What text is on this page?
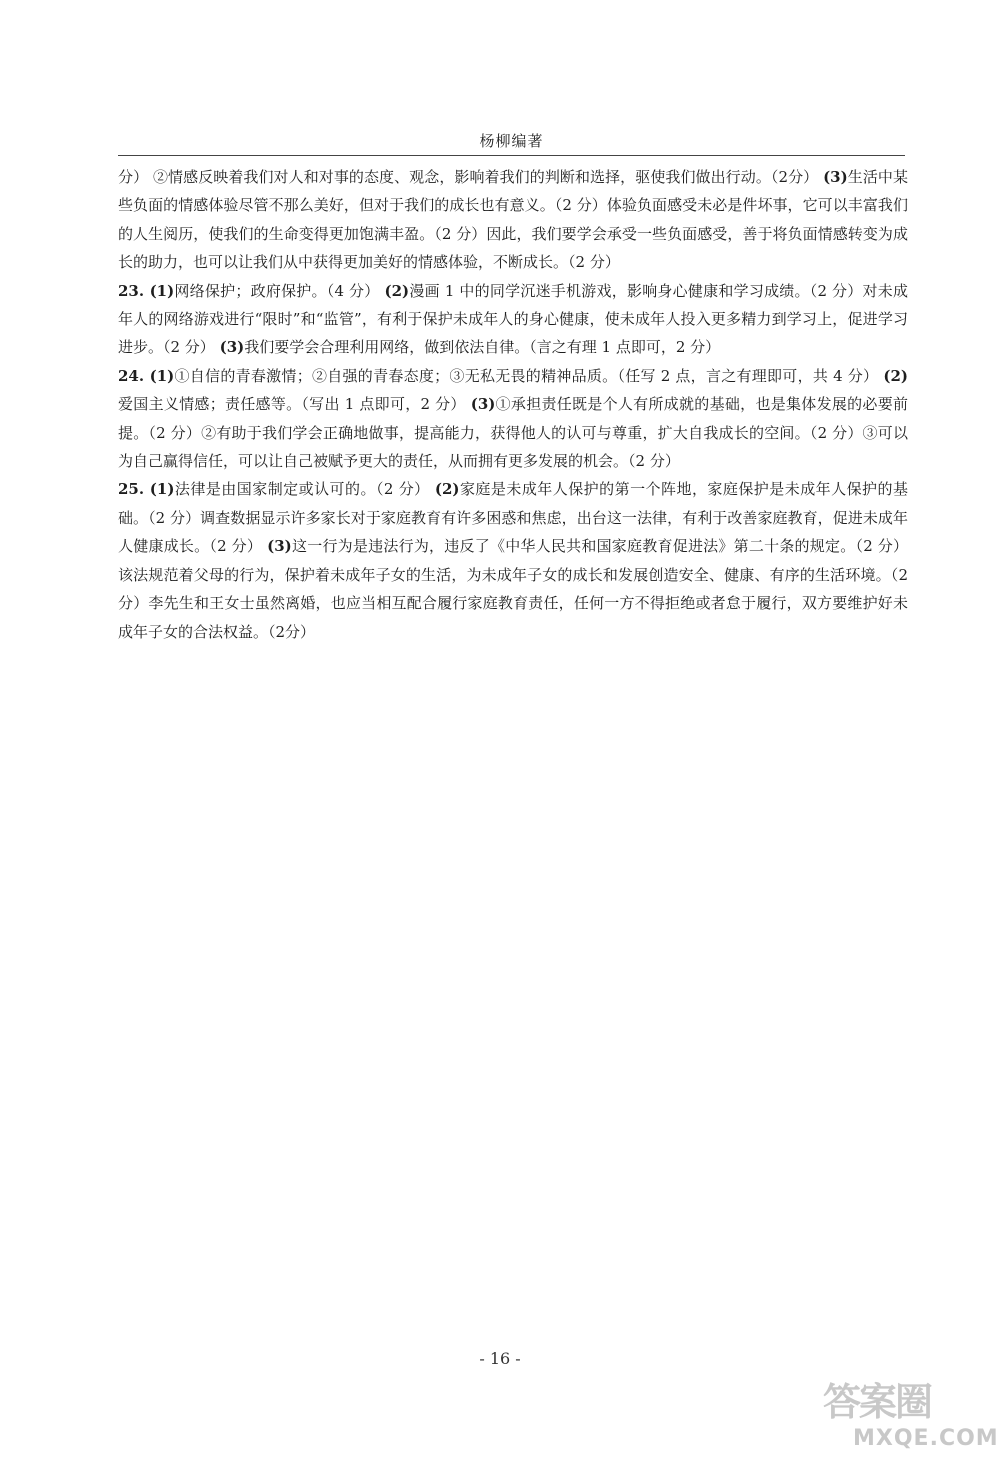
杨柳编著

分） ②情感反映着我们对人和对事的态度、观念，影响着我们的判断和选择，驱使我们做出行动。（2分） (3)生活中某些负面的情感体验尽管不那么美好，但对于我们的成长也有意义。（2 分）体验负面感受未必是件坏事，它可以丰富我们的人生阅历，使我们的生命变得更加饱满丰盈。（2 分）因此，我们要学会承受一些负面感受，善于将负面情感转变为成长的助力，也可以让我们从中获得更加美好的情感体验，不断成长。（2 分）

23. (1)网络保护；政府保护。（4 分） (2)漫画 1 中的同学沉迷手机游戏，影响身心健康和学习成绩。（2 分）对未成年人的网络游戏进行“限时”和“监管”，有利于保护未成年人的身心健康，使未成年人投入更多精力到学习上，促进学习进步。（2 分） (3)我们要学会合理利用网络，做到依法自律。（言之有理 1 点即可，2 分）

24. (1)①自信的青春激情；②自强的青春态度；③无私无畏的精神品质。（任写 2 点，言之有理即可，共 4 分） (2)爱国主义情感；责任感等。（写出 1 点即可，2 分） (3)①承担责任既是个人有所成就的基础，也是集体发展的必要前提。（2 分）②有助于我们学会正确地做事，提高能力，获得他人的认可与尊重，扩大自我成长的空间。（2 分）③可以为自己赢得信任，可以让自己被赋予更大的责任，从而拥有更多发展的机会。（2 分）

25. (1)法律是由国家制定或认可的。（2 分） (2)家庭是未成年人保护的第一个阵地，家庭保护是未成年人保护的基础。（2 分）调查数据显示许多家长对于家庭教育有许多困惑和焦虑，出台这一法律，有利于改善家庭教育，促进未成年人健康成长。（2 分） (3)这一行为是违法行为，违反了《中华人民共和国家庭教育促进法》第二十条的规定。（2 分）该法规范着父母的行为，保护着未成年子女的生活，为未成年子女的成长和发展创造安全、健康、有序的生活环境。（2 分）李先生和王女士虽然离婚，也应当相互配合履行家庭教育责任，任何一方不得拒绝或者怠于履行，双方要维护好未成年子女的合法权益。（2分）

- 16 -
答案圈
MXQE.COM
